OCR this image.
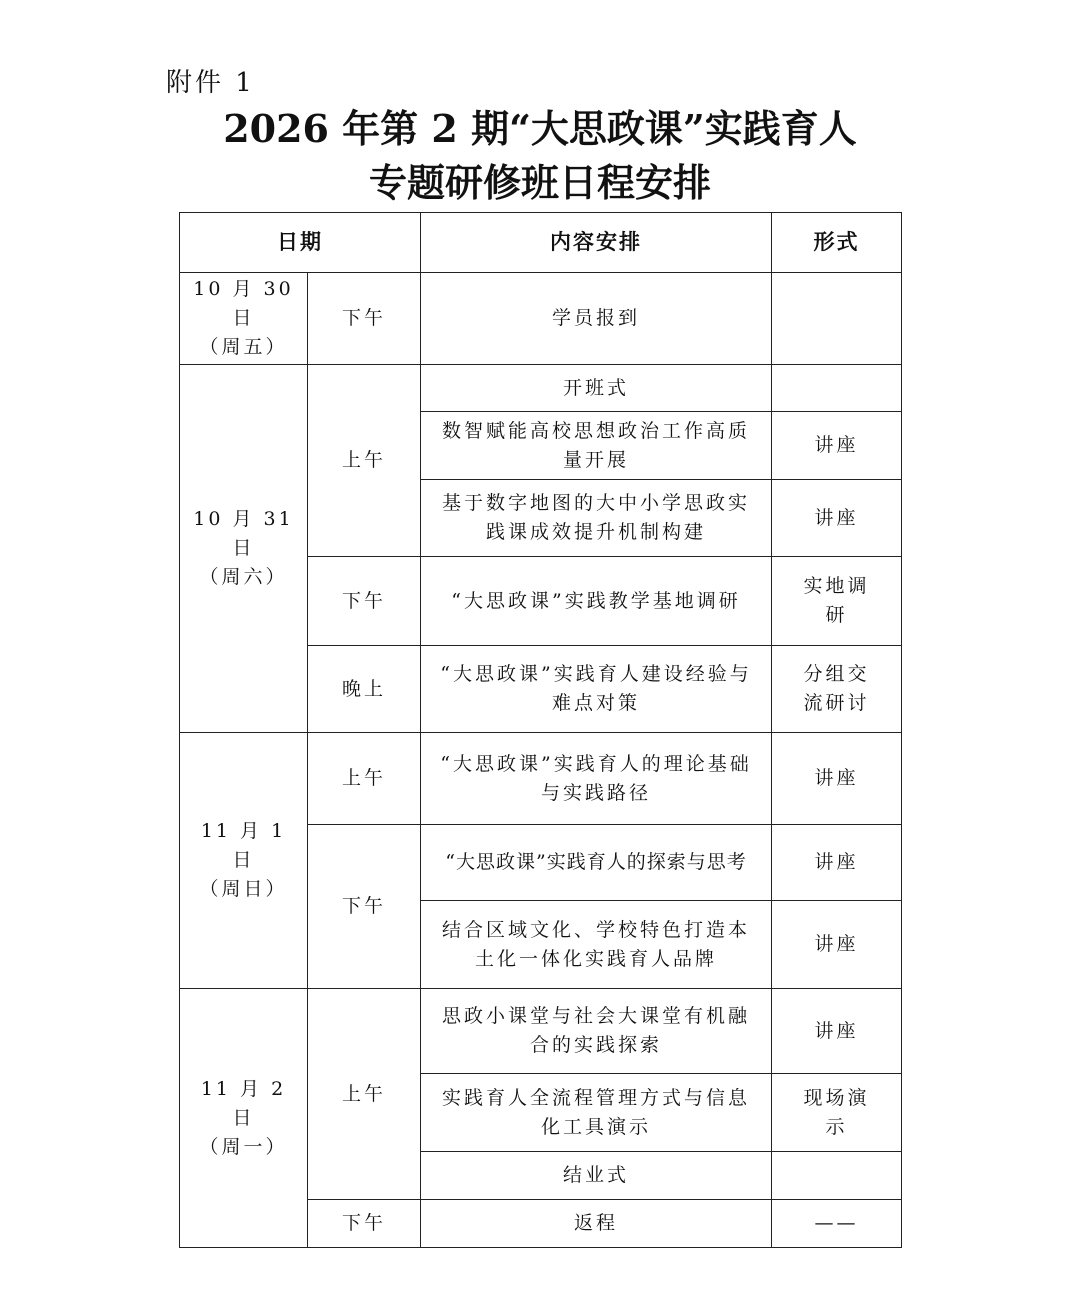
附件 1
2026 年第 2 期“大思政课”实践育人
专题研修班日程安排
日期		内容安排	形式

10 月 30 日
（周五）	下午	学员报到	

10 月 31 日
（周六）	上午	开班式	
		数智赋能高校思想政治工作高质量开展	讲座
		基于数字地图的大中小学思政实践课成效提升机制构建	讲座
	下午	“大思政课”实践教学基地调研	实地调研
	晚上	“大思政课”实践育人建设经验与难点对策	分组交流研讨

11 月 1 日
（周日）	上午	“大思政课”实践育人的理论基础与实践路径	讲座
	下午	“大思政课”实践育人的探索与思考	讲座
		结合区域文化、学校特色打造本土化一体化实践育人品牌	讲座

11 月 2 日
（周一）	上午	思政小课堂与社会大课堂有机融合的实践探索	讲座
		实践育人全流程管理方式与信息化工具演示	现场演示
		结业式	
	下午	返程	——
